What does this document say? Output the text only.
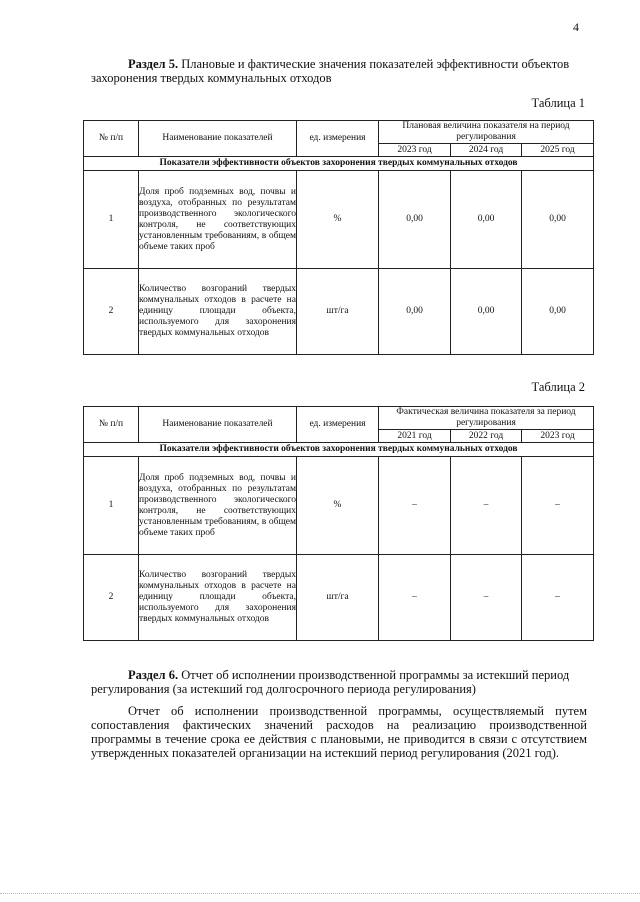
4
Раздел 5. Плановые и фактические значения показателей эффективности объектов захоронения твердых коммунальных отходов
Таблица 1
№ п/п	Наименование показателей	ед. измерения	Плановая величина показателя на период регулирования		
			2023 год	2024 год	2025 год
Показатели эффективности объектов захоронения твердых коммунальных отходов					
1	Доля проб подземных вод, почвы и воздуха, отобранных по результатам производственного экологического контроля, не соответствующих установленным требованиям, в общем объеме таких проб	%	0,00	0,00	0,00
2	Количество возгораний твердых коммунальных отходов в расчете на единицу площади объекта, используемого для захоронения твердых коммунальных отходов	шт/га	0,00	0,00	0,00
Таблица 2
№ п/п	Наименование показателей	ед. измерения	Фактическая величина показателя за период регулирования		
			2021 год	2022 год	2023 год
Показатели эффективности объектов захоронения твердых коммунальных отходов					
1	Доля проб подземных вод, почвы и воздуха, отобранных по результатам производственного экологического контроля, не соответствующих установленным требованиям, в общем объеме таких проб	%	–	–	–
2	Количество возгораний твердых коммунальных отходов в расчете на единицу площади объекта, используемого для захоронения твердых коммунальных отходов	шт/га	–	–	–
Раздел 6. Отчет об исполнении производственной программы за истекший период регулирования (за истекший год долгосрочного периода регулирования)
Отчет об исполнении производственной программы, осуществляемый путем сопоставления фактических значений расходов на реализацию производственной программы в течение срока ее действия с плановыми, не приводится в связи с отсутствием утвержденных показателей организации на истекший период регулирования (2021 год).
